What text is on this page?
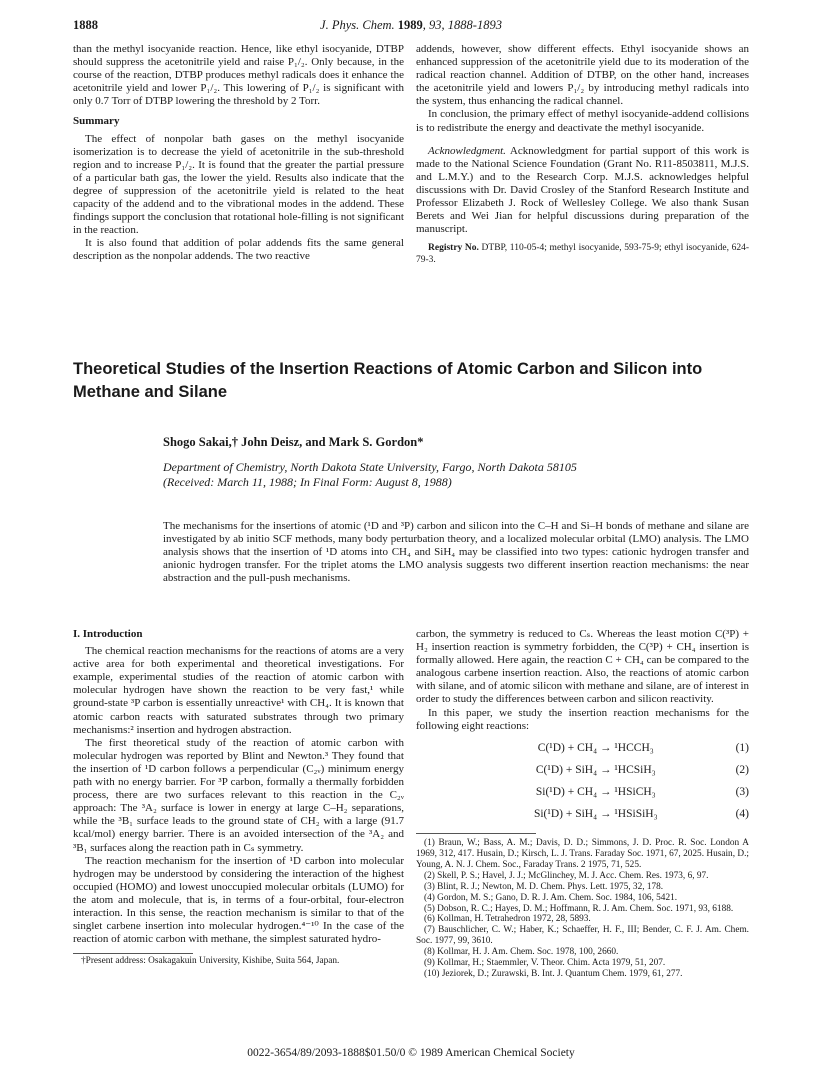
1888	J. Phys. Chem. 1989, 93, 1888-1893

than the methyl isocyanide reaction. Hence, like ethyl isocyanide, DTBP should suppress the acetonitrile yield and raise P₁/₂. Only because, in the course of the reaction, DTBP produces methyl radicals does it enhance the acetonitrile yield and lower P₁/₂. This lowering of P₁/₂ is significant with only 0.7 Torr of DTBP lowering the threshold by 2 Torr.

Summary

The effect of nonpolar bath gases on the methyl isocyanide isomerization is to decrease the yield of acetonitrile in the sub-threshold region and to increase P₁/₂. It is found that the greater the partial pressure of a particular bath gas, the lower the yield. Results also indicate that the degree of suppression of the acetonitrile yield is related to the heat capacity of the addend and to the vibrational modes in the addend. These findings support the conclusion that rotational hole-filling is not significant in the reaction.

It is also found that addition of polar addends fits the same general description as the nonpolar addends. The two reactive

addends, however, show different effects. Ethyl isocyanide shows an enhanced suppression of the acetonitrile yield due to its moderation of the radical reaction channel. Addition of DTBP, on the other hand, increases the acetonitrile yield and lowers P₁/₂ by introducing methyl radicals into the system, thus enhancing the radical channel.

In conclusion, the primary effect of methyl isocyanide-addend collisions is to redistribute the energy and deactivate the methyl isocyanide.

Acknowledgment. Acknowledgment for partial support of this work is made to the National Science Foundation (Grant No. R11-8503811, M.J.S. and L.M.Y.) and to the Research Corp. M.J.S. acknowledges helpful discussions with Dr. David Crosley of the Stanford Research Institute and Professor Elizabeth J. Rock of Wellesley College. We also thank Susan Berets and Wei Jian for helpful discussions during preparation of the manuscript.

Registry No. DTBP, 110-05-4; methyl isocyanide, 593-75-9; ethyl isocyanide, 624-79-3.

Theoretical Studies of the Insertion Reactions of Atomic Carbon and Silicon into Methane and Silane
Shogo Sakai,† John Deisz, and Mark S. Gordon*
Department of Chemistry, North Dakota State University, Fargo, North Dakota 58105
(Received: March 11, 1988; In Final Form: August 8, 1988)
The mechanisms for the insertions of atomic (¹D and ³P) carbon and silicon into the C–H and Si–H bonds of methane and silane are investigated by ab initio SCF methods, many body perturbation theory, and a localized molecular orbital (LMO) analysis. The LMO analysis shows that the insertion of ¹D atoms into CH₄ and SiH₄ may be classified into two types: cationic hydrogen transfer and anionic hydrogen transfer. For the triplet atoms the LMO analysis suggests two different insertion reaction mechanisms: the near abstraction and the pull-push mechanisms.

I. Introduction

The chemical reaction mechanisms for the reactions of atoms are a very active area for both experimental and theoretical investigations. For example, experimental studies of the reaction of atomic carbon with molecular hydrogen have shown the reaction to be very fast,¹ while ground-state ³P carbon is essentially unreactive¹ with CH₄. It is known that atomic carbon reacts with saturated substrates through two primary mechanisms:² insertion and hydrogen abstraction.

The first theoretical study of the reaction of atomic carbon with molecular hydrogen was reported by Blint and Newton.³ They found that the insertion of ¹D carbon follows a perpendicular (C₂ᵥ) minimum energy path with no energy barrier. For ³P carbon, formally a thermally forbidden process, there are two surfaces relevant to this reaction in the C₂ᵥ approach: The ³A₂ surface is lower in energy at large C–H₂ separations, while the ³B₁ surface leads to the ground state of CH₂ with a large (91.7 kcal/mol) energy barrier. There is an avoided intersection of the ³A₂ and ³B₁ surfaces along the reaction path in Cₛ symmetry.

The reaction mechanism for the insertion of ¹D carbon into molecular hydrogen may be understood by considering the interaction of the highest occupied (HOMO) and lowest unoccupied molecular orbitals (LUMO) for the atom and molecule, that is, in terms of a four-orbital, four-electron interaction. In this sense, the reaction mechanism is similar to that of the singlet carbene insertion into molecular hydrogen.⁴⁻¹⁰ In the case of the reaction of atomic carbon with methane, the simplest saturated hydro-

†Present address: Osakagakuin University, Kishibe, Suita 564, Japan.

carbon, the symmetry is reduced to Cₛ. Whereas the least motion C(³P) + H₂ insertion reaction is symmetry forbidden, the C(³P) + CH₄ insertion is formally allowed. Here again, the reaction C + CH₄ can be compared to the analogous carbene insertion reaction. Also, the reactions of atomic carbon with silane, and of atomic silicon with methane and silane, are of interest in order to study the differences between carbon and silicon reactivity.

In this paper, we study the insertion reaction mechanisms for the following eight reactions:

C(¹D) + CH₄ → ¹HCCH₃	(1)
C(¹D) + SiH₄ → ¹HCSiH₃	(2)
Si(¹D) + CH₄ → ¹HSiCH₃	(3)
Si(¹D) + SiH₄ → ¹HSiSiH₃	(4)

(1) Braun, W.; Bass, A. M.; Davis, D. D.; Simmons, J. D. Proc. R. Soc. London A 1969, 312, 417. Husain, D.; Kirsch, L. J. Trans. Faraday Soc. 1971, 67, 2025. Husain, D.; Young, A. N. J. Chem. Soc., Faraday Trans. 2 1975, 71, 525.

(2) Skell, P. S.; Havel, J. J.; McGlinchey, M. J. Acc. Chem. Res. 1973, 6, 97.

(3) Blint, R. J.; Newton, M. D. Chem. Phys. Lett. 1975, 32, 178.

(4) Gordon, M. S.; Gano, D. R. J. Am. Chem. Soc. 1984, 106, 5421.

(5) Dobson, R. C.; Hayes, D. M.; Hoffmann, R. J. Am. Chem. Soc. 1971, 93, 6188.

(6) Kollman, H. Tetrahedron 1972, 28, 5893.

(7) Bauschlicher, C. W.; Haber, K.; Schaeffer, H. F., III; Bender, C. F. J. Am. Chem. Soc. 1977, 99, 3610.

(8) Kollmar, H. J. Am. Chem. Soc. 1978, 100, 2660.

(9) Kollmar, H.; Staemmler, V. Theor. Chim. Acta 1979, 51, 207.

(10) Jeziorek, D.; Zurawski, B. Int. J. Quantum Chem. 1979, 61, 277.

0022-3654/89/2093-1888$01.50/0 © 1989 American Chemical Society
